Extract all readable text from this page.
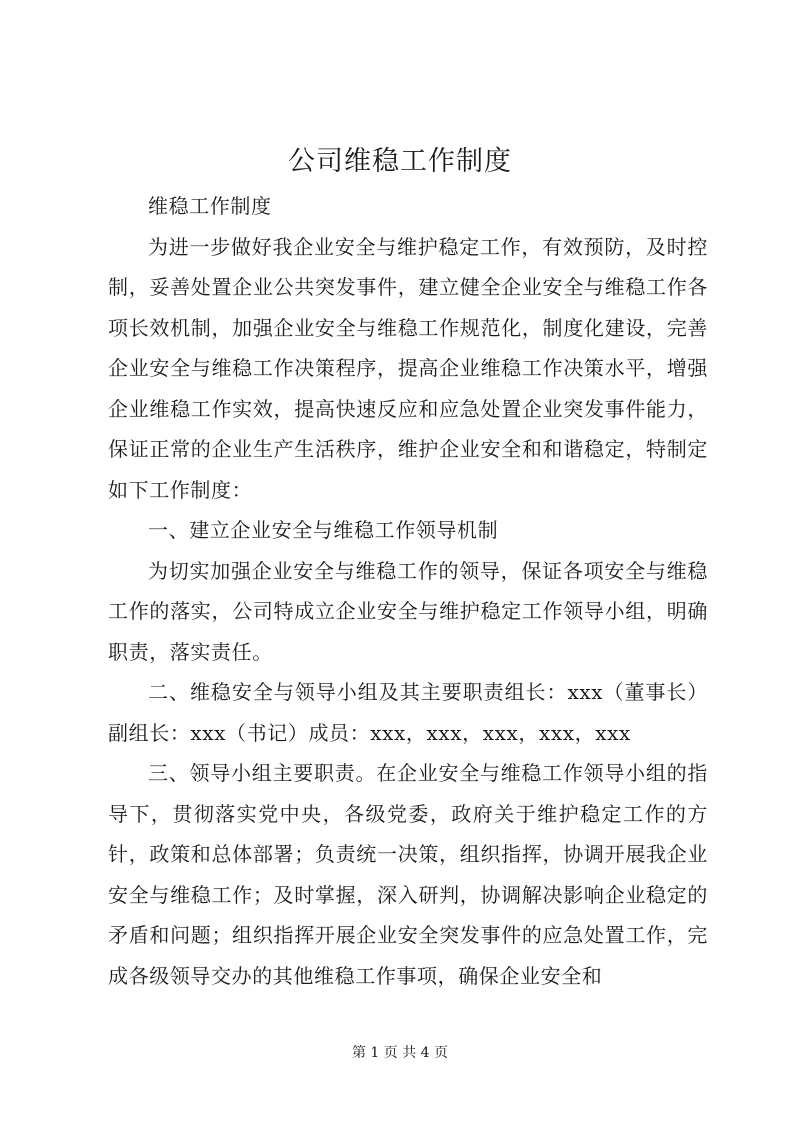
公司维稳工作制度

维稳工作制度

为进一步做好我企业安全与维护稳定工作，有效预防，及时控制，妥善处置企业公共突发事件，建立健全企业安全与维稳工作各项长效机制，加强企业安全与维稳工作规范化，制度化建设，完善企业安全与维稳工作决策程序，提高企业维稳工作决策水平，增强企业维稳工作实效，提高快速反应和应急处置企业突发事件能力，保证正常的企业生产生活秩序，维护企业安全和和谐稳定，特制定如下工作制度：

一、建立企业安全与维稳工作领导机制

为切实加强企业安全与维稳工作的领导，保证各项安全与维稳工作的落实，公司特成立企业安全与维护稳定工作领导小组，明确职责，落实责任。

二、维稳安全与领导小组及其主要职责组长：xxx（董事长）副组长：xxx（书记）成员：xxx，xxx，xxx，xxx，xxx

三、领导小组主要职责。在企业安全与维稳工作领导小组的指导下，贯彻落实党中央，各级党委，政府关于维护稳定工作的方针，政策和总体部署；负责统一决策，组织指挥，协调开展我企业安全与维稳工作；及时掌握，深入研判，协调解决影响企业稳定的矛盾和问题；组织指挥开展企业安全突发事件的应急处置工作，完成各级领导交办的其他维稳工作事项，确保企业安全和

第 1 页 共 4 页
